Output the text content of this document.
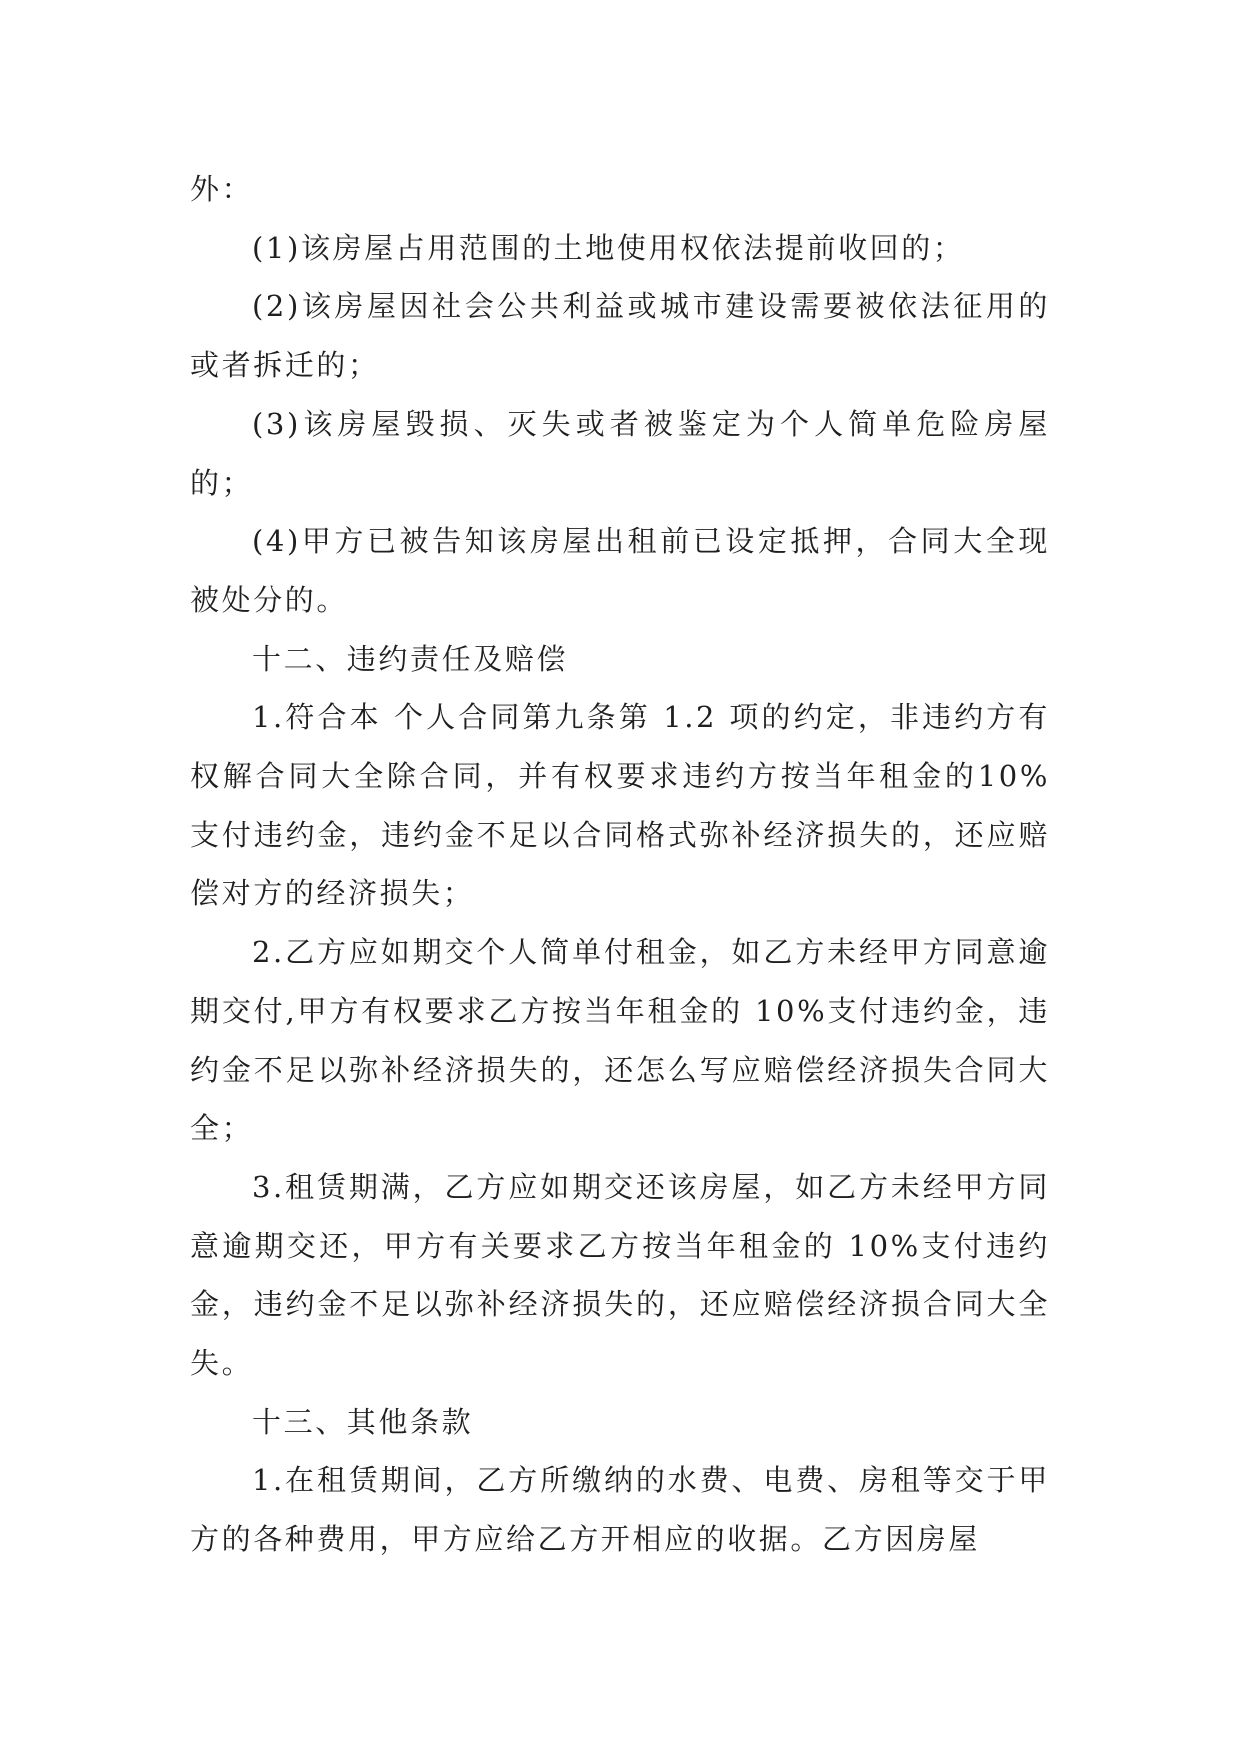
外：

(1)该房屋占用范围的土地使用权依法提前收回的；

(2)该房屋因社会公共利益或城市建设需要被依法征用的或者拆迁的；

(3)该房屋毁损、灭失或者被鉴定为个人简单危险房屋的；

(4)甲方已被告知该房屋出租前已设定抵押，合同大全现被处分的。

十二、违约责任及赔偿

1.符合本 个人合同第九条第 1.2 项的约定，非违约方有权解合同大全除合同，并有权要求违约方按当年租金的10%支付违约金，违约金不足以合同格式弥补经济损失的，还应赔偿对方的经济损失；

2.乙方应如期交个人简单付租金，如乙方未经甲方同意逾期交付,甲方有权要求乙方按当年租金的 10%支付违约金，违约金不足以弥补经济损失的，还怎么写应赔偿经济损失合同大全；

3.租赁期满，乙方应如期交还该房屋，如乙方未经甲方同意逾期交还，甲方有关要求乙方按当年租金的 10%支付违约金，违约金不足以弥补经济损失的，还应赔偿经济损合同大全失。

十三、其他条款

1.在租赁期间，乙方所缴纳的水费、电费、房租等交于甲方的各种费用，甲方应给乙方开相应的收据。乙方因房屋
